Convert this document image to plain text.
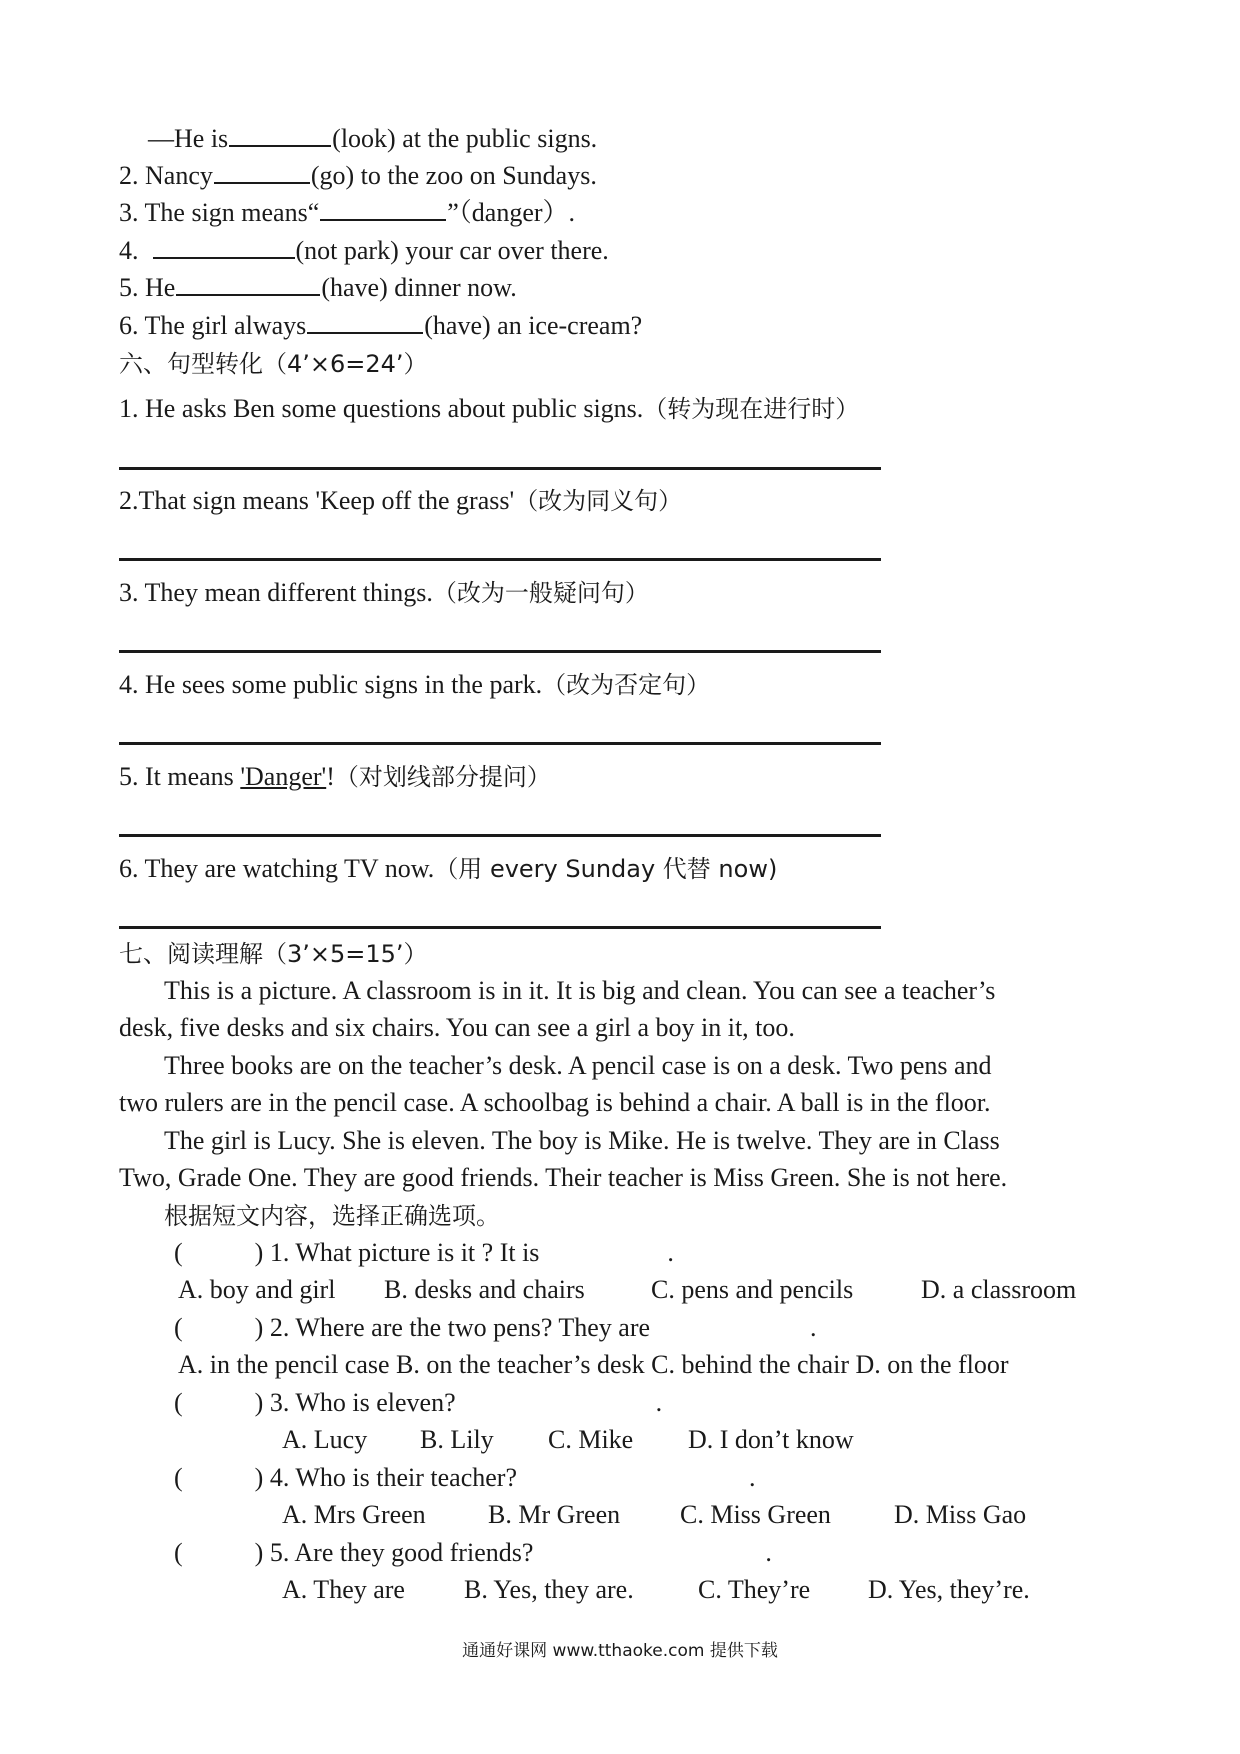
—He is	(look) at the public signs.
2. Nancy	(go) to the zoo on Sundays.
3. The sign means“	”（danger）.
4.	(not park) your car over there.
5. He	(have) dinner now.
6. The girl always	(have) an ice-cream?
六、句型转化（4’×6=24’）
1. He asks Ben some questions about public signs.（转为现在进行时）
2.That sign means 'Keep off the grass'（改为同义句）
3. They mean different things.（改为一般疑问句）
4. He sees some public signs in the park.（改为否定句）
5. It means 'Danger'!（对划线部分提问）
6. They are watching TV now.（用 every Sunday 代替 now)
七、阅读理解（3’×5=15’）
This is a picture. A classroom is in it. It is big and clean. You can see a teacher’s
desk, five desks and six chairs. You can see a girl a boy in it, too.
Three books are on the teacher’s desk. A pencil case is on a desk. Two pens and
two rulers are in the pencil case. A schoolbag is behind a chair. A ball is in the floor.
The girl is Lucy. She is eleven. The boy is Mike. He is twelve. They are in Class
Two, Grade One. They are good friends. Their teacher is Miss Green. She is not here.
根据短文内容，选择正确选项。
(	) 1. What picture is it ? It is	.
A. boy and girl B. desks and chairs	C. pens and pencils	D. a classroom
(	) 2. Where are the two pens? They are	.
A. in the pencil case B. on the teacher’s desk C. behind the chair D. on the floor
(	) 3. Who is eleven?	.
A. Lucy B. Lily C. Mike D. I don’t know
(	) 4. Who is their teacher?	.
A. Mrs Green B. Mr Green C. Miss Green D. Miss Gao
(	) 5. Are they good friends?	.
A. They are B. Yes, they are. C. They’re D. Yes, they’re.
通通好课网 www.tthaoke.com 提供下载
